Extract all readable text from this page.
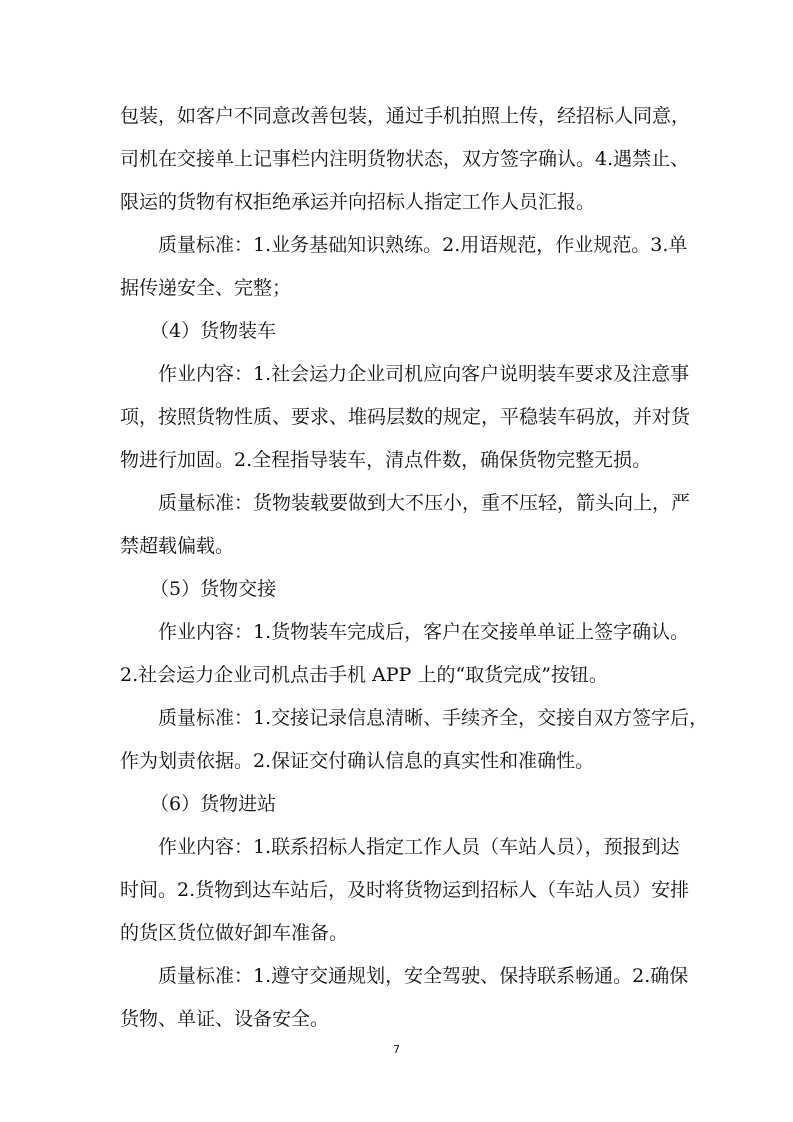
包装，如客户不同意改善包装，通过手机拍照上传，经招标人同意，
司机在交接单上记事栏内注明货物状态，双方签字确认。4.遇禁止、
限运的货物有权拒绝承运并向招标人指定工作人员汇报。
质量标准：1.业务基础知识熟练。2.用语规范，作业规范。3.单
据传递安全、完整；
（4）货物装车
作业内容：1.社会运力企业司机应向客户说明装车要求及注意事
项，按照货物性质、要求、堆码层数的规定，平稳装车码放，并对货
物进行加固。2.全程指导装车，清点件数，确保货物完整无损。
质量标准：货物装载要做到大不压小，重不压轻，箭头向上，严
禁超载偏载。
（5）货物交接
作业内容：1.货物装车完成后，客户在交接单单证上签字确认。
2.社会运力企业司机点击手机 APP 上的“取货完成”按钮。
质量标准：1.交接记录信息清晰、手续齐全，交接自双方签字后，
作为划责依据。2.保证交付确认信息的真实性和准确性。
（6）货物进站
作业内容：1.联系招标人指定工作人员（车站人员），预报到达
时间。2.货物到达车站后，及时将货物运到招标人（车站人员）安排
的货区货位做好卸车准备。
质量标准：1.遵守交通规划，安全驾驶、保持联系畅通。2.确保
货物、单证、设备安全。
7
